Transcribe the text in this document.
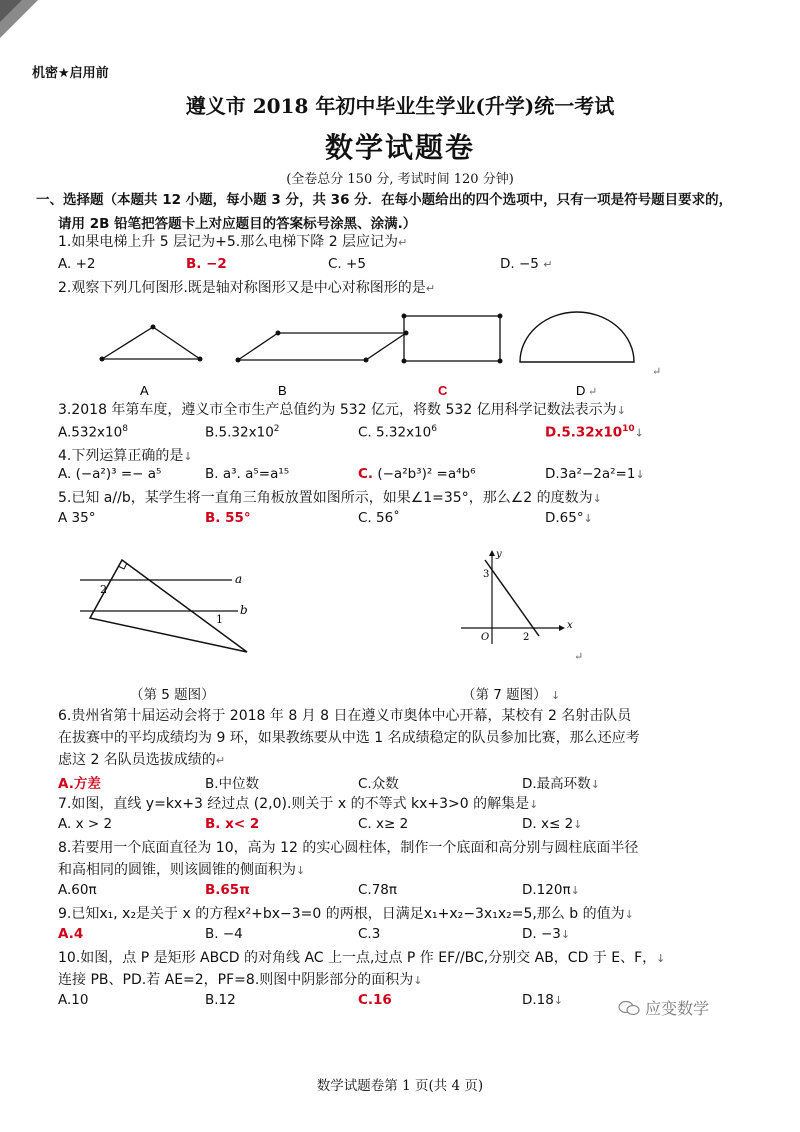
机密★启用前
遵义市 2018 年初中毕业生学业(升学)统一考试
数学试题卷
(全卷总分 150 分, 考试时间 120 分钟)
一、选择题（本题共 12 小题，每小题 3 分，共 36 分．在每小题给出的四个选项中，只有一项是符号题目要求的，
请用 2B 铅笔把答题卡上对应题目的答案标号涂黑、涂满.）
1.如果电梯上升 5 层记为+5.那么电梯下降 2 层应记为↵
A. +2	B. −2	C. +5	D. −5 ↵
2.观察下列几何图形.既是轴对称图形又是中心对称图形的是↵
A	B	C	D ↵
↵
3.2018 年第车度，遵义市全市生产总值约为 532 亿元，将数 532 亿用科学记数法表示为↓
$A.532x10^8$	$B.5.32x10^2$	C. $5.32x10^6$	$D.5.32x10^{10}↓$
4.下列运算正确的是↓
A. (−a²)³ =− a⁵	B. a³. a⁵=a¹⁵	C. (−a²b³)² =a⁴b⁶	D.3a²−2a²=1↓
5.已知 a//b，某学生将一直角三角板放置如图所示，如果∠1=35°，那么∠2 的度数为↓
A 35°	B. 55°	C. 56˚	D.65°↓
a
b
1
2
x
y
3
2
O
↵
（第 5 题图）	（第 7 题图） ↓
6.贵州省第十届运动会将于 2018 年 8 月 8 日在遵义市奥体中心开幕，某校有 2 名射击队员
在拔赛中的平均成绩均为 9 环，如果教练要从中选 1 名成绩稳定的队员参加比赛，那么还应考
虑这 2 名队员选拔成绩的↵
A.方差	B.中位数	C.众数	D.最高环数↓
7.如图，直线 y=kx+3 经过点 (2,0).则关于 x 的不等式 kx+3>0 的解集是↓
A. x > 2	B. x< 2	C. x≥ 2	D. x≤ 2↓
8.若要用一个底面直径为 10，高为 12 的实心圆柱体，制作一个底面和高分别与圆柱底面半径
和高相同的圆锥，则该圆锥的侧面积为↓
A.60π	B.65π	C.78π	D.120π↓
9.已知x₁, x₂是关于 x 的方程x²+bx−3=0 的两根，日满足x₁+x₂−3x₁x₂=5,那么 b 的值为↓
A.4	B. −4	C.3	D. −3↓
10.如图，点 P 是矩形 ABCD 的对角线 AC 上一点,过点 P 作 EF//BC,分别交 AB，CD 于 E、F，↓
连接 PB、PD.若 AE=2，PF=8.则图中阴影部分的面积为↓
A.10	B.12	C.16	D.18↓	应变数学
数学试题卷第 1 页(共 4 页)
